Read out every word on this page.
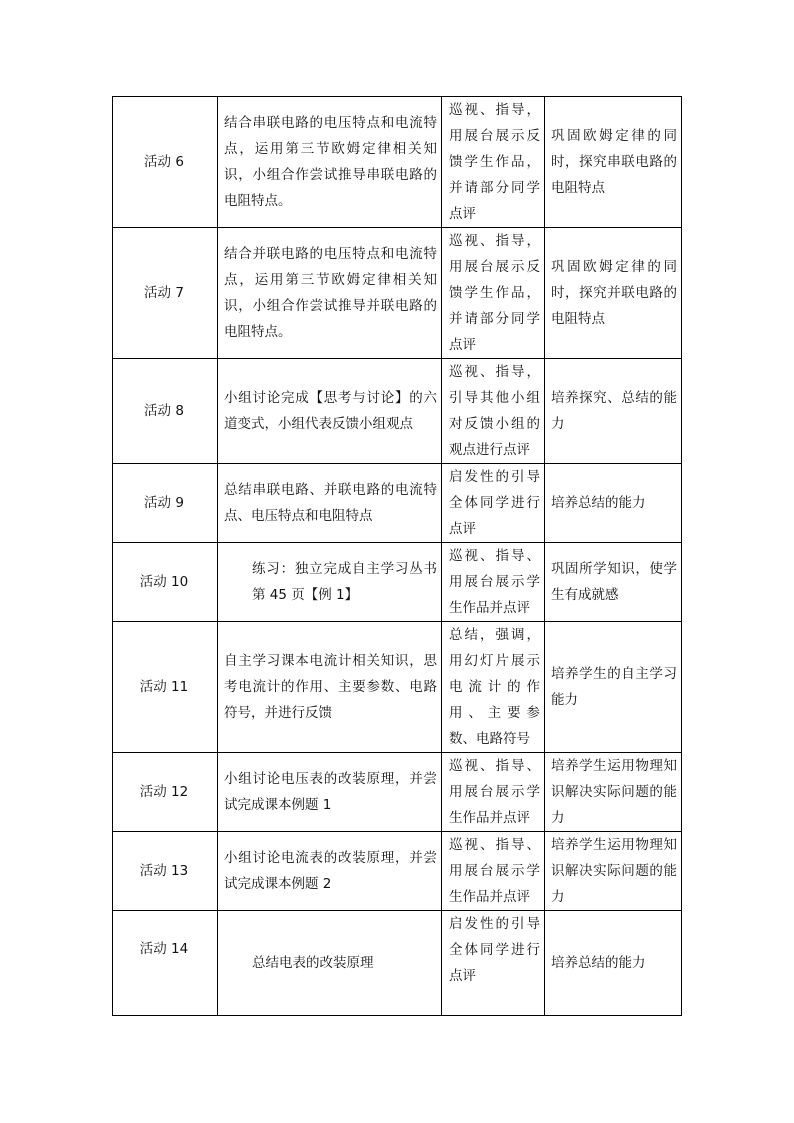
活动 6	结合串联电路的电压特点和电流特点，运用第三节欧姆定律相关知识，小组合作尝试推导串联电路的电阻特点。	巡视、指导，用展台展示反馈学生作品，并请部分同学点评	巩固欧姆定律的同时，探究串联电路的电阻特点

活动 7	结合并联电路的电压特点和电流特点，运用第三节欧姆定律相关知识，小组合作尝试推导并联电路的电阻特点。	巡视、指导，用展台展示反馈学生作品，并请部分同学点评	巩固欧姆定律的同时，探究并联电路的电阻特点

活动 8	小组讨论完成【思考与讨论】的六道变式，小组代表反馈小组观点	巡视、指导，引导其他小组对反馈小组的观点进行点评	培养探究、总结的能力

活动 9	总结串联电路、并联电路的电流特点、电压特点和电阻特点	启发性的引导全体同学进行点评	培养总结的能力

活动 10	练习：独立完成自主学习丛书第 45 页【例 1】	巡视、指导、用展台展示学生作品并点评	巩固所学知识，使学生有成就感

活动 11	自主学习课本电流计相关知识，思考电流计的作用、主要参数、电路符号，并进行反馈	总结，强调，用幻灯片展示电流计的作用、主要参数、电路符号	培养学生的自主学习能力

活动 12	小组讨论电压表的改装原理，并尝试完成课本例题 1	巡视、指导、用展台展示学生作品并点评	培养学生运用物理知识解决实际问题的能力

活动 13	小组讨论电流表的改装原理，并尝试完成课本例题 2	巡视、指导、用展台展示学生作品并点评	培养学生运用物理知识解决实际问题的能力

活动 14	总结电表的改装原理	启发性的引导全体同学进行点评	培养总结的能力
